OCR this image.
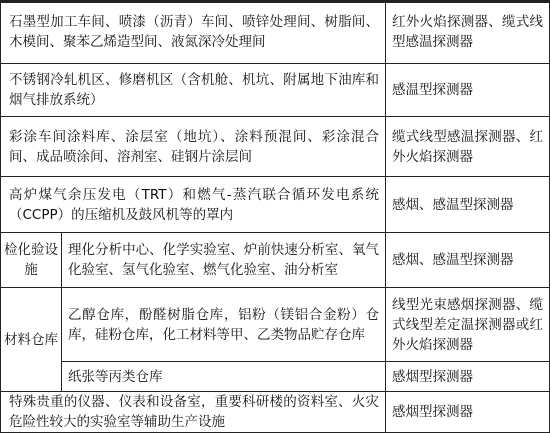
石墨型加工车间、喷漆（沥青）车间、喷锌处理间、树脂间、木模间、聚苯乙烯造型间、液氮深冷处理间		红外火焰探测器、缆式线型感温探测器
不锈钢冷轧机区、修磨机区（含机舱、机坑、附属地下油库和烟气排放系统）		感温型探测器
彩涂车间涂料库、涂层室（地坑）、涂料预混间、彩涂混合间、成品喷涂间、溶剂室、硅钢片涂层间		缆式线型感温探测器、红外火焰探测器
高炉煤气余压发电（TRT）和燃气-蒸汽联合循环发电系统（CCPP）的压缩机及鼓风机等的罩内		感烟、感温型探测器
检化验设施	理化分析中心、化学实验室、炉前快速分析室、氧气化验室、氢气化验室、燃气化验室、油分析室	感烟、感温型探测器
材料仓库	乙醇仓库，酚醛树脂仓库，铝粉（镁铝合金粉）仓库，硅粉仓库，化工材料等甲、乙类物品贮存仓库	线型光束感烟探测器、缆式线型差定温探测器或红外火焰探测器
	纸张等丙类仓库	感烟型探测器
特殊贵重的仪器、仪表和设备室，重要科研楼的资料室、火灾危险性较大的实验室等辅助生产设施		感烟型探测器
